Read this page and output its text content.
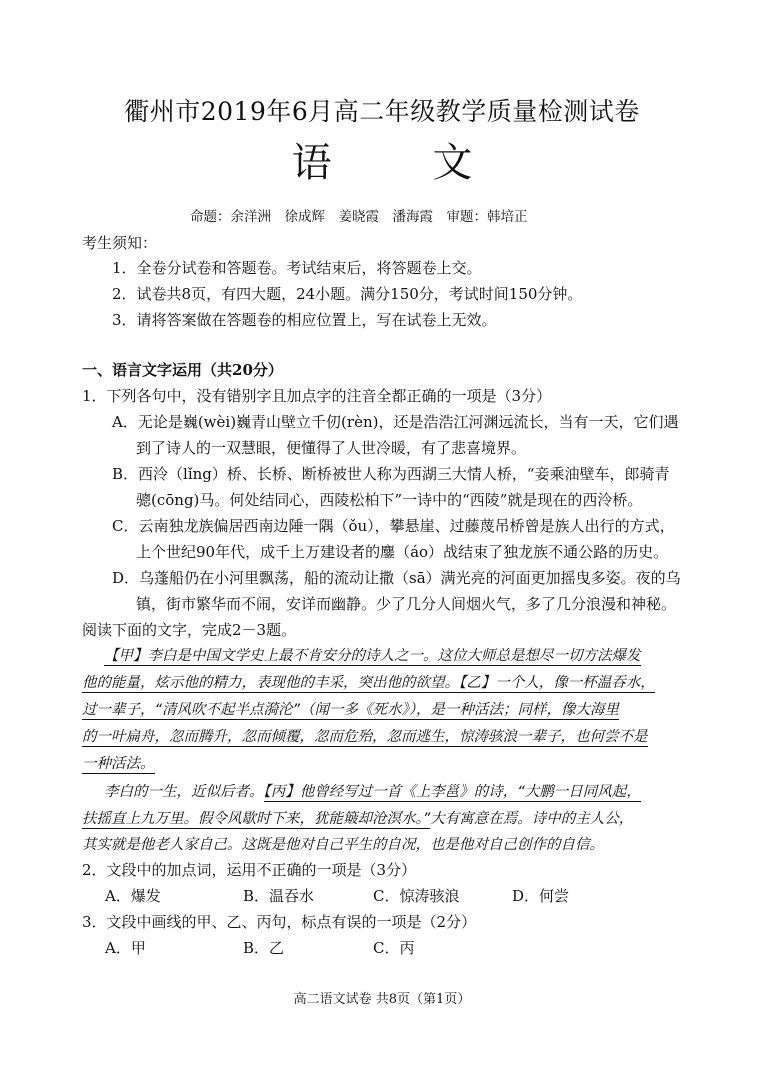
衢州市2019年6月高二年级教学质量检测试卷
语 文
命题：余洋洲　徐成辉　姜晓霞　潘海霞　审题：韩培正
考生须知：
1．全卷分试卷和答题卷。考试结束后，将答题卷上交。
2．试卷共8页，有四大题，24小题。满分150分，考试时间150分钟。
3．请将答案做在答题卷的相应位置上，写在试卷上无效。
一、语言文字运用（共20分）
1．下列各句中，没有错别字且加点字的注音全都正确的一项是（3分）
A．无论是巍(wèi)巍青山壁立千仞(rèn)，还是浩浩江河渊远流长，当有一天，它们遇
到了诗人的一双慧眼，便懂得了人世冷暖，有了悲喜境界。
B．西泠（lǐng）桥、长桥、断桥被世人称为西湖三大情人桥，“妾乘油壁车，郎骑青
骢(cōng)马。何处结同心，西陵松柏下”一诗中的“西陵”就是现在的西泠桥。
C．云南独龙族偏居西南边陲一隅（ǒu），攀悬崖、过藤蔑吊桥曾是族人出行的方式，
上个世纪90年代，成千上万建设者的鏖（áo）战结束了独龙族不通公路的历史。
D．乌蓬船仍在小河里飘荡，船的流动让撒（sā）满光亮的河面更加摇曳多姿。夜的乌
镇，街市繁华而不闹，安详而幽静。少了几分人间烟火气，多了几分浪漫和神秘。
阅读下面的文字，完成2－3题。
【甲】李白是中国文学史上最不肯安分的诗人之一。这位大师总是想尽一切方法爆发
他的能量，炫示他的精力，表现他的丰采，突出他的欲望。【乙】一个人，像一杯温吞水，
过一辈子，“清风吹不起半点漪沦”（闻一多《死水》），是一种活法；同样，像大海里
的一叶扁舟，忽而腾升，忽而倾覆，忽而危殆，忽而逃生，惊涛骇浪一辈子，也何尝不是
一种活法。
李白的一生，近似后者。【丙】他曾经写过一首《上李邕》的诗，“大鹏一日同风起，
扶摇直上九万里。假令风歇时下来，犹能簸却沧溟水。”大有寓意在焉。诗中的主人公，
其实就是他老人家自己。这既是他对自己平生的自况，也是他对自己创作的自信。
2．文段中的加点词，运用不正确的一项是（3分）
A．爆发	B．温吞水	C．惊涛骇浪	D．何尝
3．文段中画线的甲、乙、丙句，标点有误的一项是（2分）
A．甲	B．乙	C．丙
高二语文试卷 共8页（第1页）
